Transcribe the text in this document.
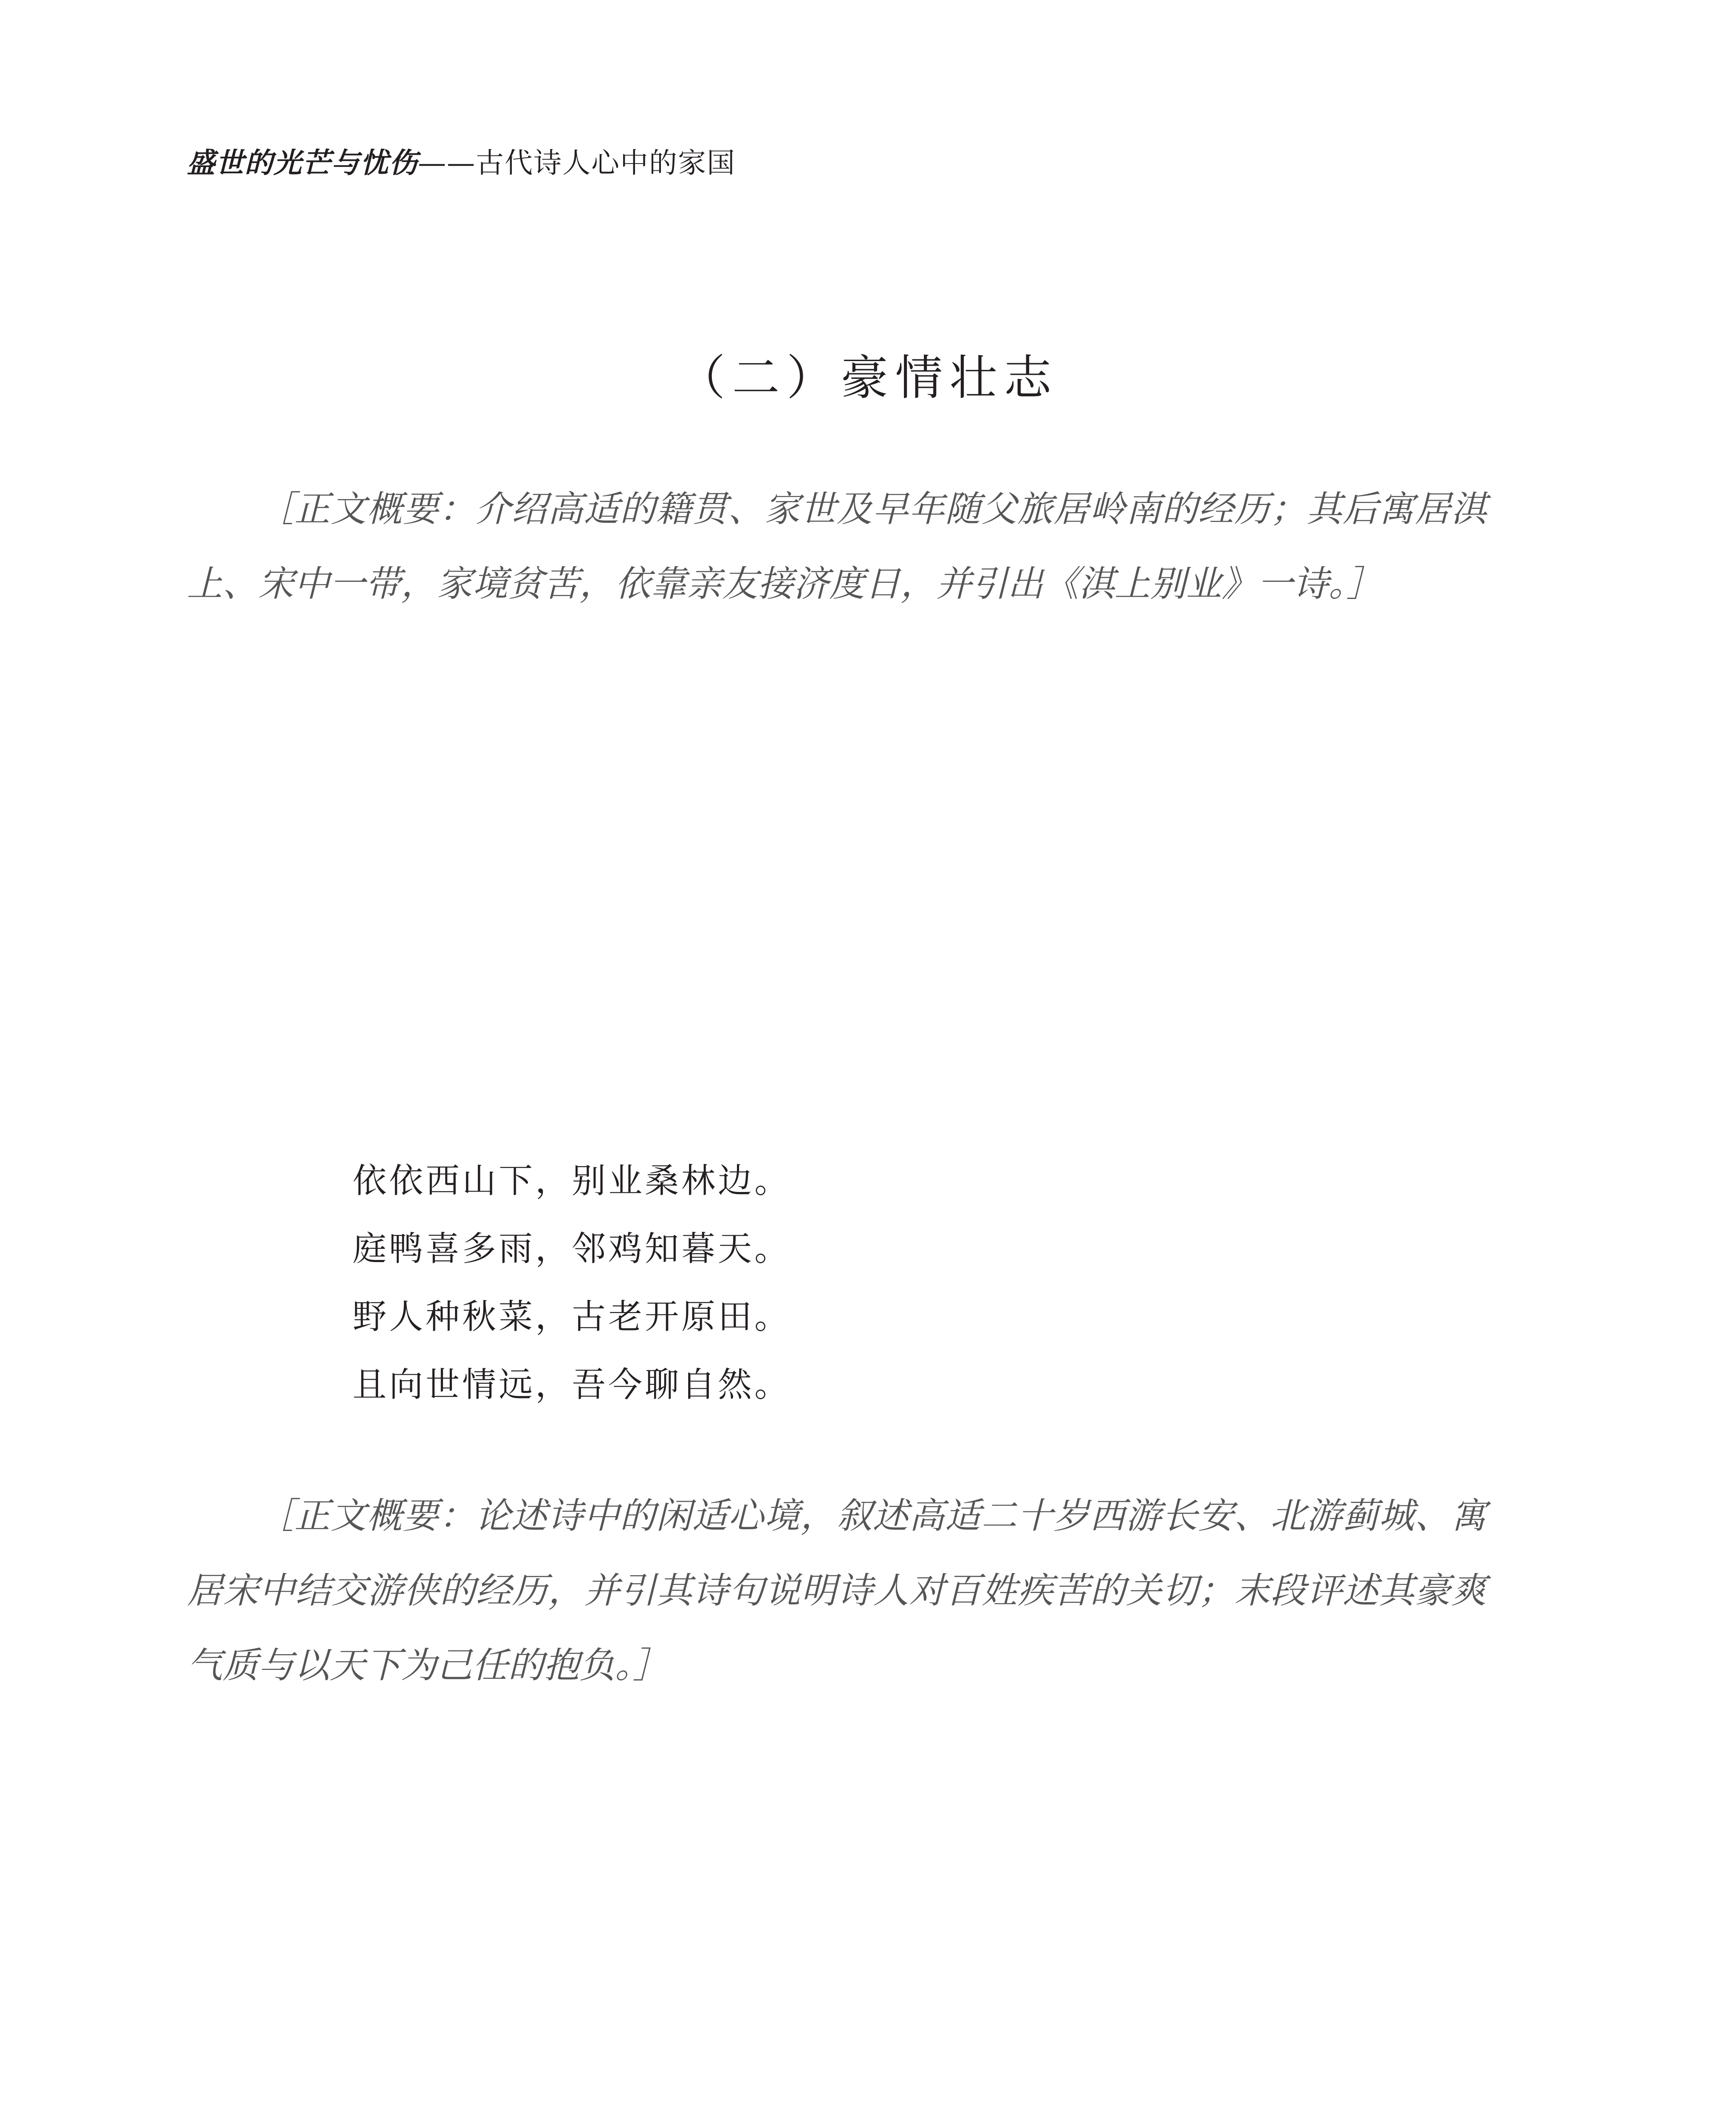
盛世的光芒与忧伤——古代诗人心中的家国
（二）豪情壮志

［正文概要：介绍高适的籍贯、家世及早年随父旅居岭南的经历；其后寓居淇上、宋中一带，家境贫苦，依靠亲友接济度日，并引出《淇上别业》一诗。］

依依西山下，别业桑林边。
庭鸭喜多雨，邻鸡知暮天。
野人种秋菜，古老开原田。
且向世情远，吾今聊自然。

［正文概要：论述诗中的闲适心境，叙述高适二十岁西游长安、北游蓟城、寓居宋中结交游侠的经历，并引其诗句说明诗人对百姓疾苦的关切；末段评述其豪爽气质与以天下为己任的抱负。］
